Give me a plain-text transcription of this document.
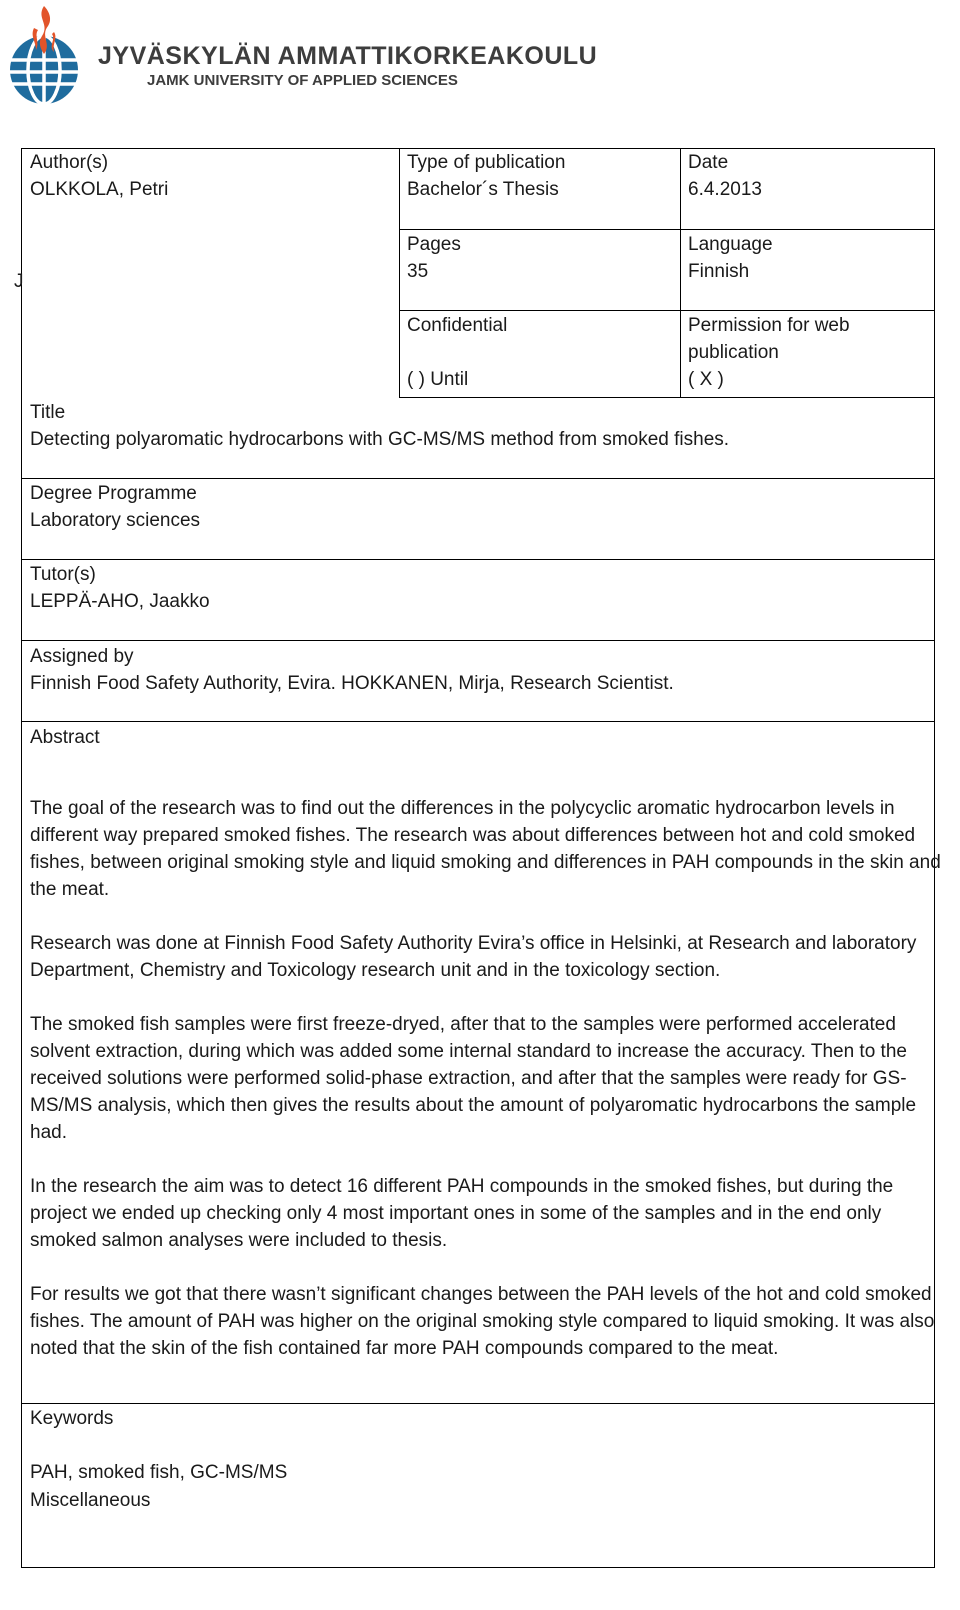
JYVÄSKYLÄN AMMATTIKORKEAKOULU
JAMK UNIVERSITY OF APPLIED SCIENCES
Author(s)
OLKKOLA, Petri
Type of publication
Bachelor´s Thesis
Date
6.4.2013
J
Pages
35
Language
Finnish
Confidential
( ) Until
Permission for web
publication
( X )
Title
Detecting polyaromatic hydrocarbons with GC-MS/MS method from smoked fishes.
Degree Programme
Laboratory sciences
Tutor(s)
LEPPÄ-AHO, Jaakko
Assigned by
Finnish Food Safety Authority, Evira. HOKKANEN, Mirja, Research Scientist.
Abstract

The goal of the research was to find out the differences in the polycyclic aromatic hydrocarbon levels in different way prepared smoked fishes. The research was about differences between hot and cold smoked fishes, between original smoking style and liquid smoking and differences in PAH compounds in the skin and the meat.

Research was done at Finnish Food Safety Authority Evira’s office in Helsinki, at Research and laboratory Department, Chemistry and Toxicology research unit and in the toxicology section.

The smoked fish samples were first freeze-dryed, after that to the samples were performed accelerated solvent extraction, during which was added some internal standard to increase the accuracy. Then to the received solutions were performed solid-phase extraction, and after that the samples were ready for GS-MS/MS analysis, which then gives the results about the amount of polyaromatic hydrocarbons the sample had.

In the research the aim was to detect 16 different PAH compounds in the smoked fishes, but during the project we ended up checking only 4 most important ones in some of the samples and in the end only smoked salmon analyses were included to thesis.

For results we got that there wasn’t significant changes between the PAH levels of the hot and cold smoked fishes. The amount of PAH was higher on the original smoking style compared to liquid smoking. It was also noted that the skin of the fish contained far more PAH compounds compared to the meat.

Keywords
PAH, smoked fish, GC-MS/MS
Miscellaneous
